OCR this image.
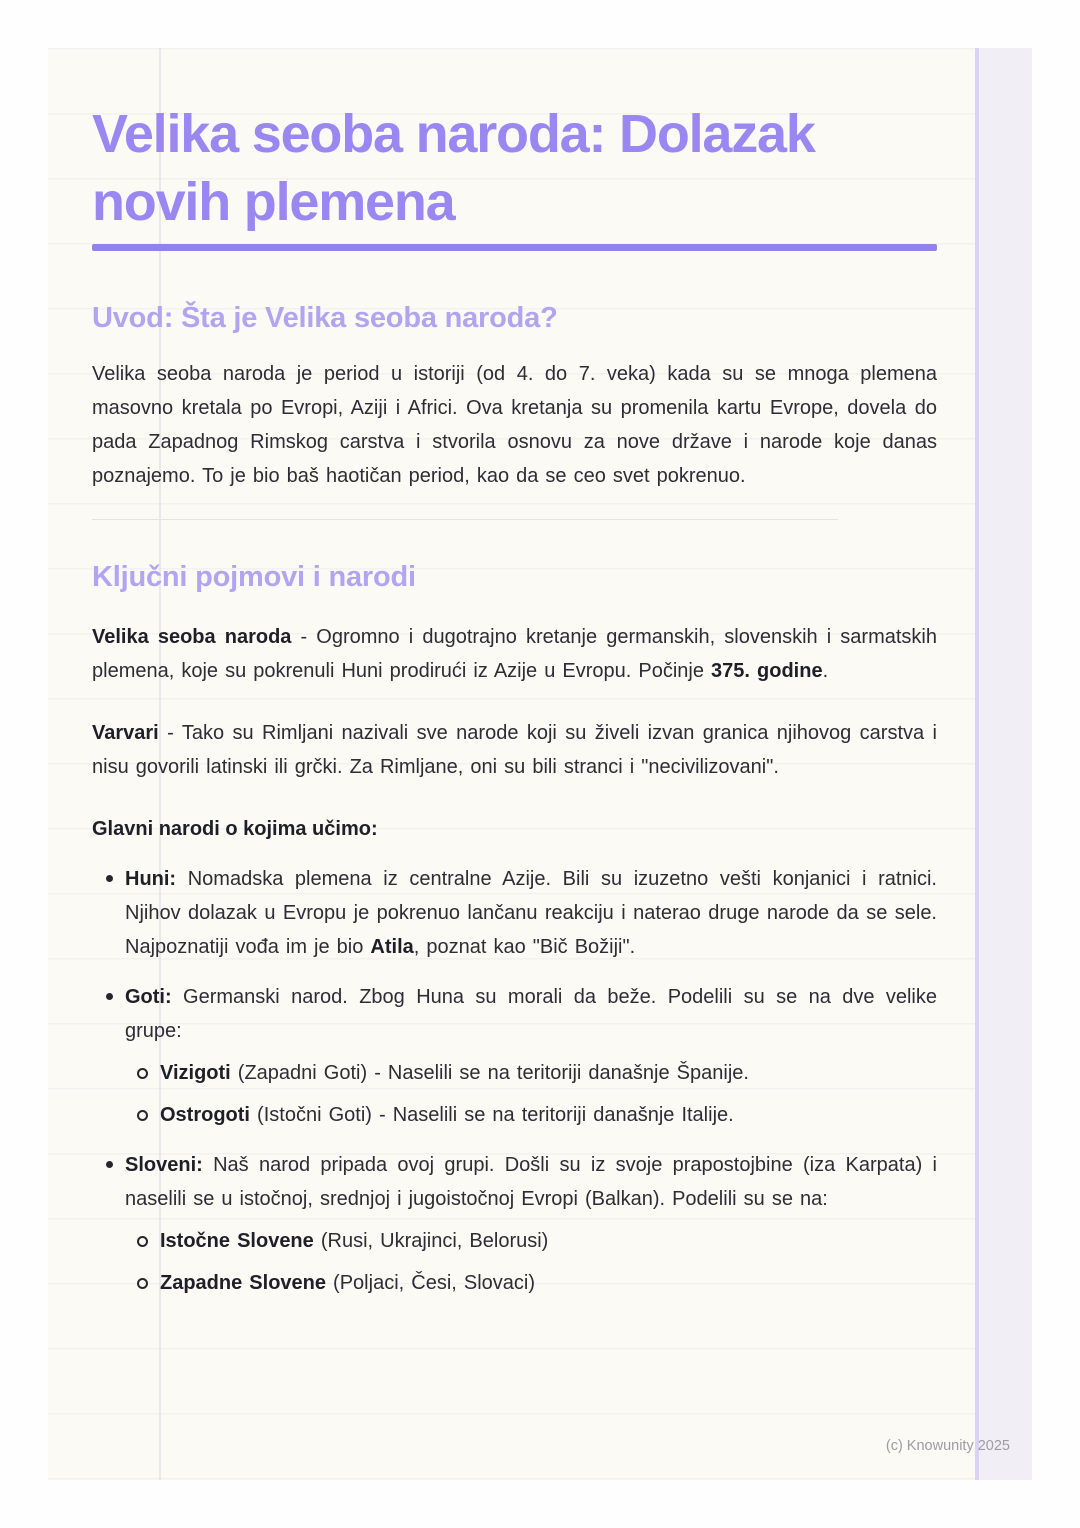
Velika seoba naroda: Dolazak
novih plemena
Uvod: Šta je Velika seoba naroda?

Velika seoba naroda je period u istoriji (od 4. do 7. veka) kada su se mnoga plemena masovno kretala po Evropi, Aziji i Africi. Ova kretanja su promenila kartu Evrope, dovela do pada Zapadnog Rimskog carstva i stvorila osnovu za nove države i narode koje danas poznajemo. To je bio baš haotičan period, kao da se ceo svet pokrenuo.

Ključni pojmovi i narodi

Velika seoba naroda - Ogromno i dugotrajno kretanje germanskih, slovenskih i sarmatskih plemena, koje su pokrenuli Huni prodirući iz Azije u Evropu. Počinje 375. godine.

Varvari - Tako su Rimljani nazivali sve narode koji su živeli izvan granica njihovog carstva i nisu govorili latinski ili grčki. Za Rimljane, oni su bili stranci i "necivilizovani".

Glavni narodi o kojima učimo:

Huni: Nomadska plemena iz centralne Azije. Bili su izuzetno vešti konjanici i ratnici. Njihov dolazak u Evropu je pokrenuo lančanu reakciju i naterao druge narode da se sele. Najpoznatiji vođa im je bio Atila, poznat kao "Bič Božiji".
Goti: Germanski narod. Zbog Huna su morali da beže. Podelili su se na dve velike grupe:
Vizigoti (Zapadni Goti) - Naselili se na teritoriji današnje Španije.
Ostrogoti (Istočni Goti) - Naselili se na teritoriji današnje Italije.
Sloveni: Naš narod pripada ovoj grupi. Došli su iz svoje prapostojbine (iza Karpata) i naselili se u istočnoj, srednjoj i jugoistočnoj Evropi (Balkan). Podelili su se na:
Istočne Slovene (Rusi, Ukrajinci, Belorusi)
Zapadne Slovene (Poljaci, Česi, Slovaci)
(c) Knowunity 2025
